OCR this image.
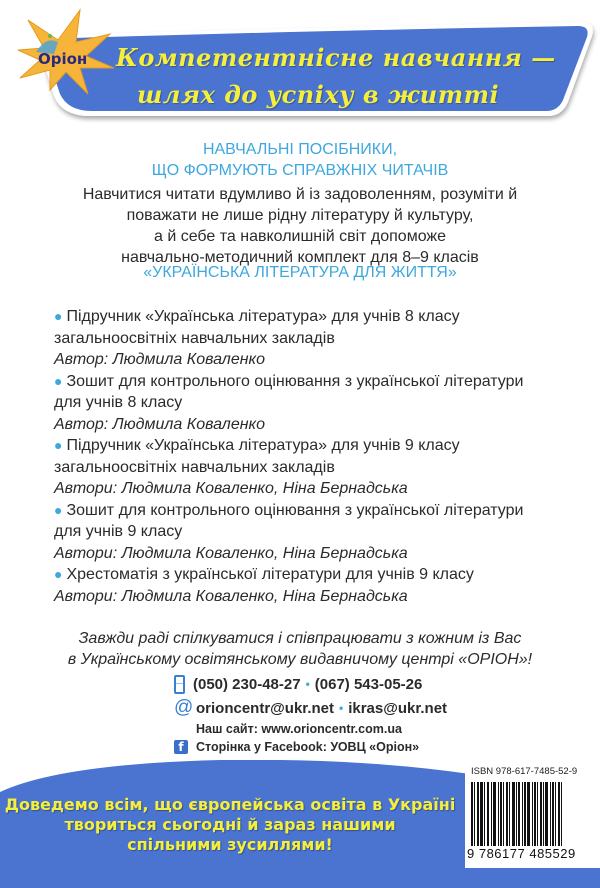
Оріон Компетентнісне навчання —
шлях до успіху в житті
НАВЧАЛЬНІ ПОСІБНИКИ,
ЩО ФОРМУЮТЬ СПРАВЖНІХ ЧИТАЧІВ
Навчитися читати вдумливо й із задоволенням, розуміти й
поважати не лише рідну літературу й культуру,
а й себе та навколишній світ допоможе
навчально-методичний комплект для 8–9 класів
«УКРАЇНСЬКА ЛІТЕРАТУРА ДЛЯ ЖИТТЯ»

● Підручник «Українська література» для учнів 8 класу

загальноосвітніх навчальних закладів

Автор: Людмила Коваленко

● Зошит для контрольного оцінювання з української літератури

для учнів 8 класу

Автор: Людмила Коваленко

● Підручник «Українська література» для учнів 9 класу

загальноосвітніх навчальних закладів

Автори: Людмила Коваленко, Ніна Бернадська

● Зошит для контрольного оцінювання з української літератури

для учнів 9 класу

Автори: Людмила Коваленко, Ніна Бернадська

● Хрестоматія з української літератури для учнів 9 класу

Автори: Людмила Коваленко, Ніна Бернадська

Завжди раді спілкуватися і співпрацювати з кожним із Вас
в Українському освітянському видавничому центрі «ОРІОН»!
(050) 230-48-27 • (067) 543-05-26
@ orioncentr@ukr.net • ikras@ukr.net
Наш сайт: www.orioncentr.com.ua
f Сторінка у Facebook: УОВЦ «Оріон»
Доведемо всім, що європейська освіта в Україні
твориться сьогодні й зараз нашими
спільними зусиллями!
ISBN 978-617-7485-52-9
9 786177 485529
